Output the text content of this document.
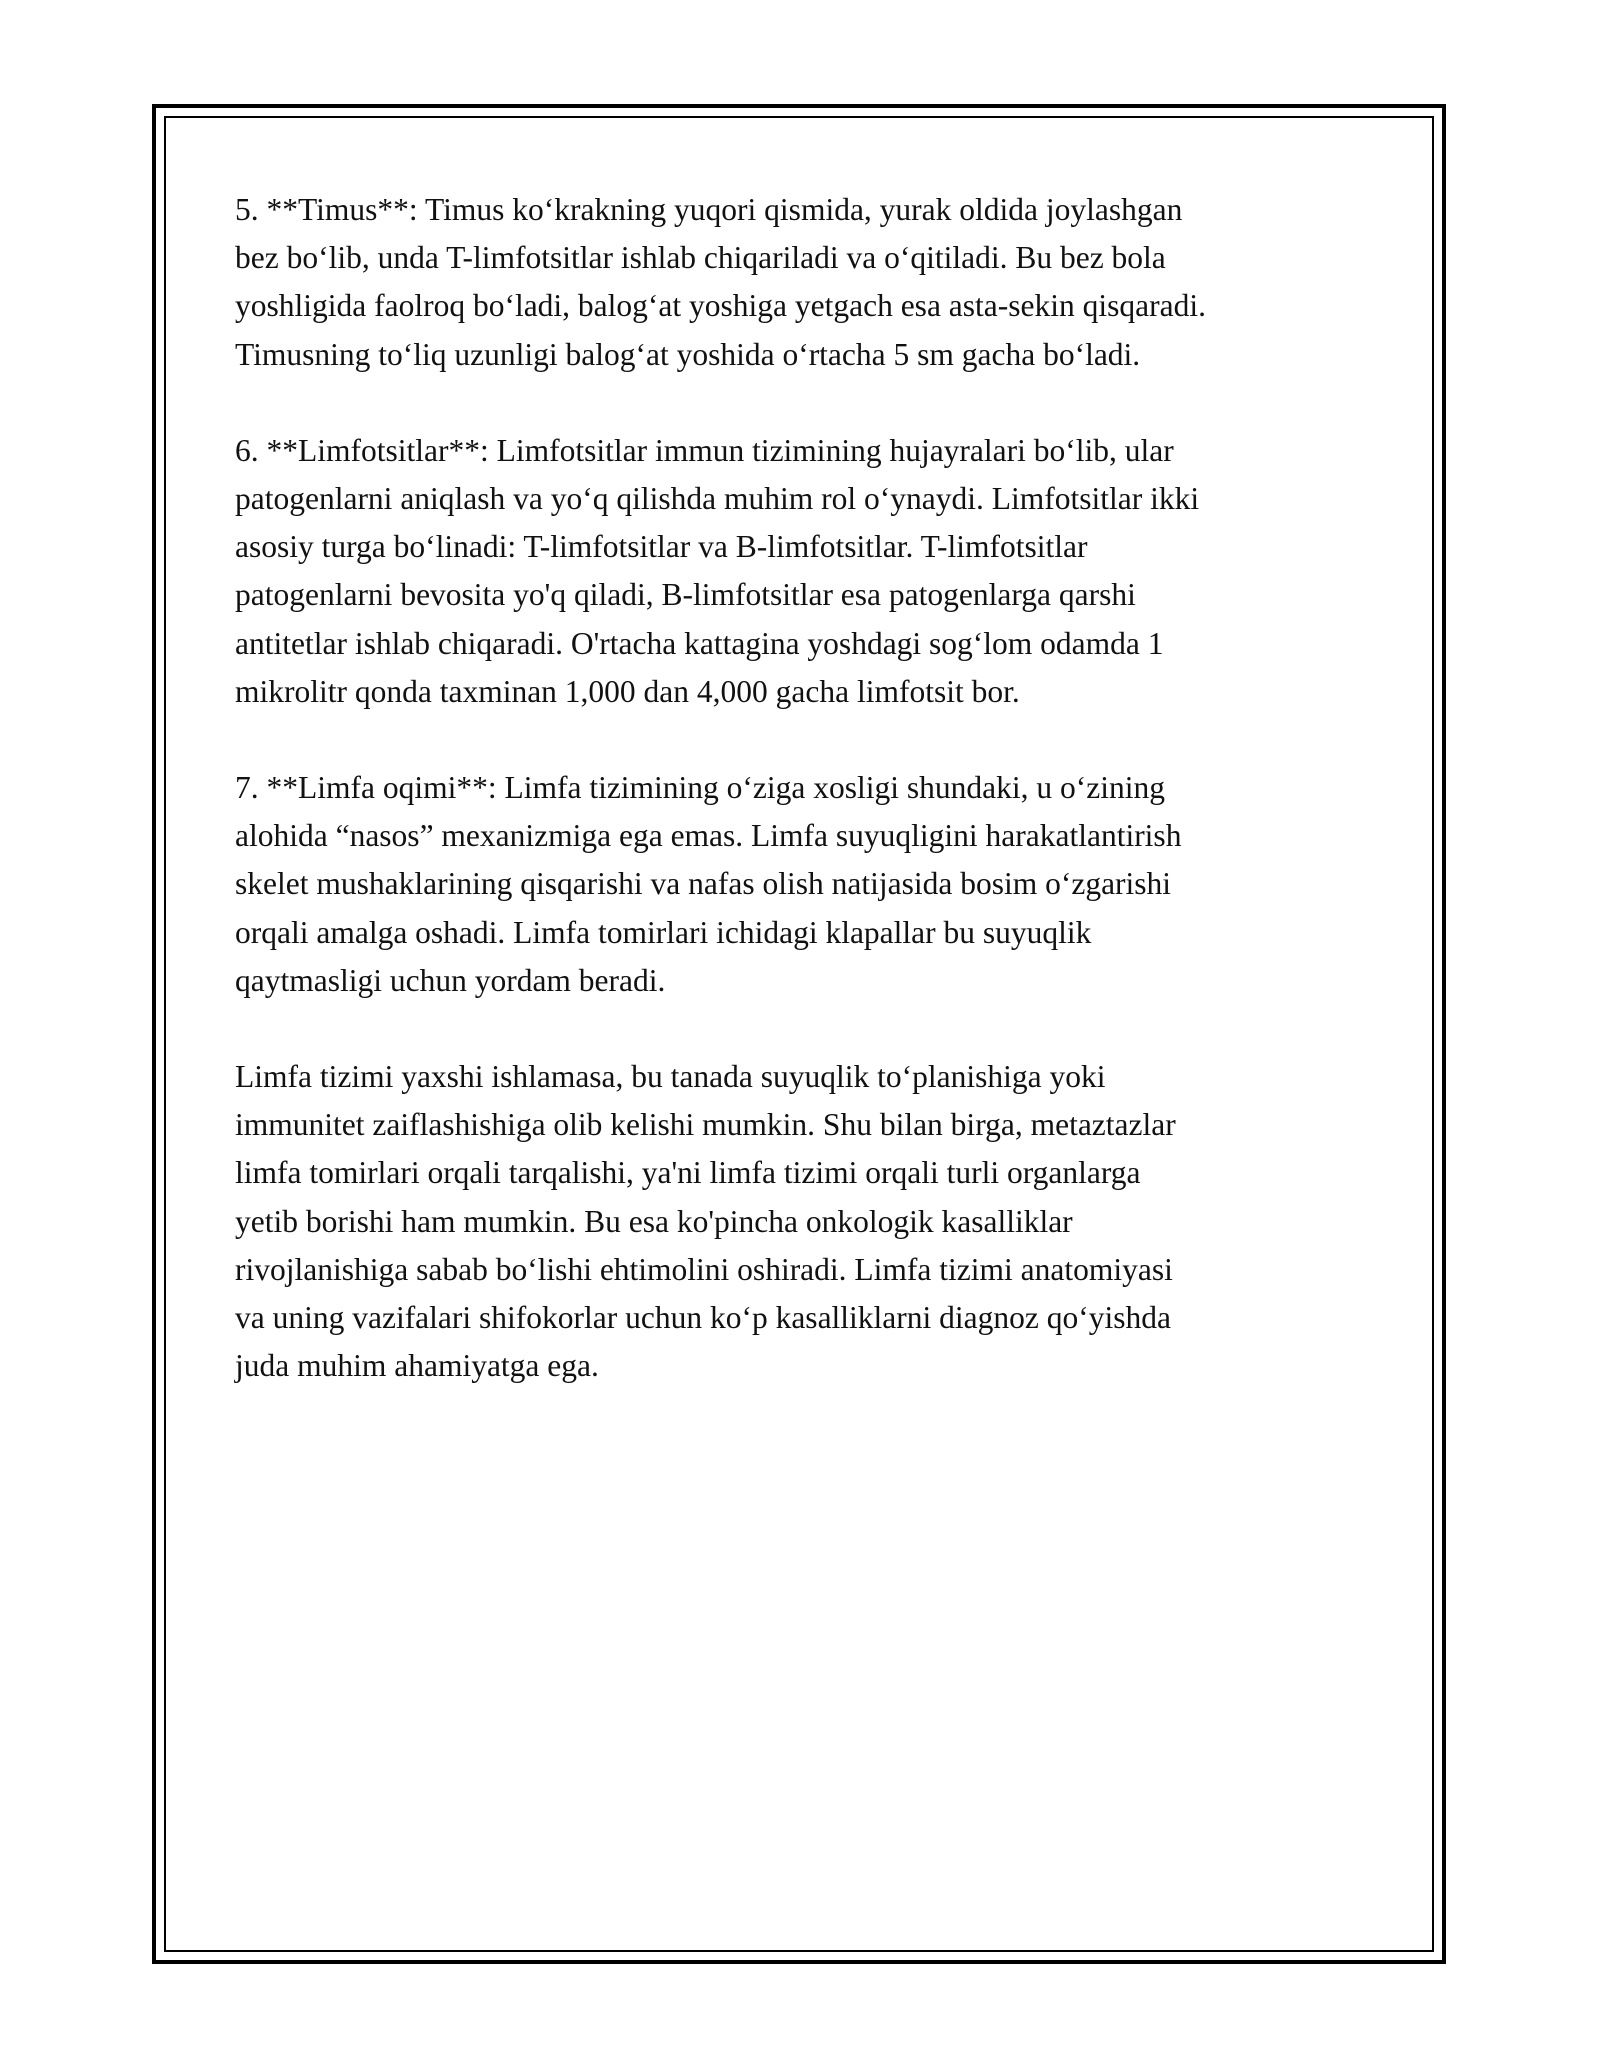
5. **Timus**: Timus koʻkrakning yuqori qismida, yurak oldida joylashgan
bez boʻlib, unda T-limfotsitlar ishlab chiqariladi va oʻqitiladi. Bu bez bola
yoshligida faolroq boʻladi, balogʻat yoshiga yetgach esa asta-sekin qisqaradi.
Timusning toʻliq uzunligi balogʻat yoshida oʻrtacha 5 sm gacha boʻladi.

6. **Limfotsitlar**: Limfotsitlar immun tizimining hujayralari boʻlib, ular
patogenlarni aniqlash va yoʻq qilishda muhim rol oʻynaydi. Limfotsitlar ikki
asosiy turga boʻlinadi: T-limfotsitlar va B-limfotsitlar. T-limfotsitlar
patogenlarni bevosita yo'q qiladi, B-limfotsitlar esa patogenlarga qarshi
antitetlar ishlab chiqaradi. O'rtacha kattagina yoshdagi sogʻlom odamda 1
mikrolitr qonda taxminan 1,000 dan 4,000 gacha limfotsit bor.

7. **Limfa oqimi**: Limfa tizimining oʻziga xosligi shundaki, u oʻzining
alohida “nasos” mexanizmiga ega emas. Limfa suyuqligini harakatlantirish
skelet mushaklarining qisqarishi va nafas olish natijasida bosim oʻzgarishi
orqali amalga oshadi. Limfa tomirlari ichidagi klapallar bu suyuqlik
qaytmasligi uchun yordam beradi.

Limfa tizimi yaxshi ishlamasa, bu tanada suyuqlik toʻplanishiga yoki
immunitet zaiflashishiga olib kelishi mumkin. Shu bilan birga, metaztazlar
limfa tomirlari orqali tarqalishi, ya'ni limfa tizimi orqali turli organlarga
yetib borishi ham mumkin. Bu esa ko'pincha onkologik kasalliklar
rivojlanishiga sabab boʻlishi ehtimolini oshiradi. Limfa tizimi anatomiyasi
va uning vazifalari shifokorlar uchun koʻp kasalliklarni diagnoz qoʻyishda
juda muhim ahamiyatga ega.
